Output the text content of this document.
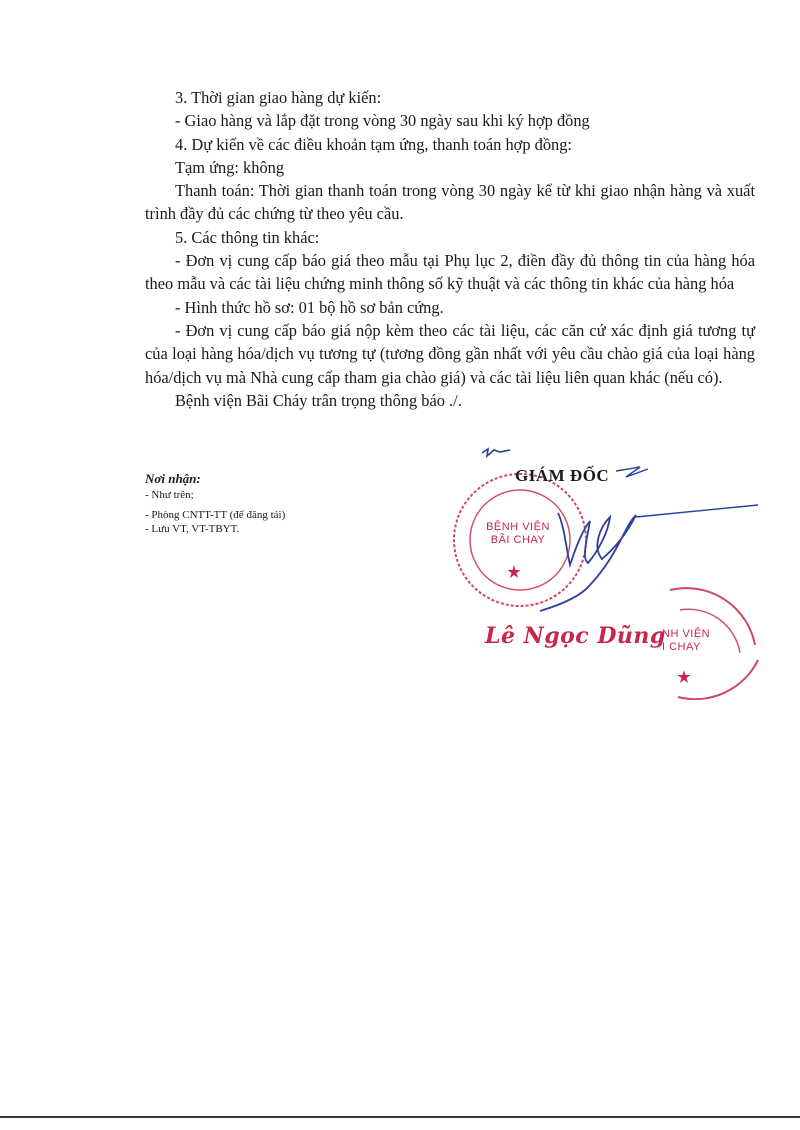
3. Thời gian giao hàng dự kiến:

- Giao hàng và lắp đặt trong vòng 30 ngày sau khi ký hợp đồng

4. Dự kiến về các điều khoản tạm ứng, thanh toán hợp đồng:

Tạm ứng: không

Thanh toán: Thời gian thanh toán trong vòng 30 ngày kể từ khi giao nhận hàng và xuất trình đầy đủ các chứng từ theo yêu cầu.

5. Các thông tin khác:

- Đơn vị cung cấp báo giá theo mẫu tại Phụ lục 2, điền đầy đủ thông tin của hàng hóa theo mẫu và các tài liệu chứng minh thông số kỹ thuật và các thông tin khác của hàng hóa

- Hình thức hồ sơ: 01 bộ hồ sơ bản cứng.

- Đơn vị cung cấp báo giá nộp kèm theo các tài liệu, các căn cứ xác định giá tương tự của loại hàng hóa/dịch vụ tương tự (tương đồng gần nhất với yêu cầu chào giá của loại hàng hóa/dịch vụ mà Nhà cung cấp tham gia chào giá) và các tài liệu liên quan khác (nếu có).

Bệnh viện Bãi Cháy trân trọng thông báo ./.

Nơi nhận:

- Như trên;

- Phòng CNTT-TT (để đăng tải)

- Lưu VT, VT-TBYT.

GIÁM ĐỐC
BỆNH VIỆN
BÃI CHAY
NH VIỆN
I CHAY
Lê Ngọc Dũng
